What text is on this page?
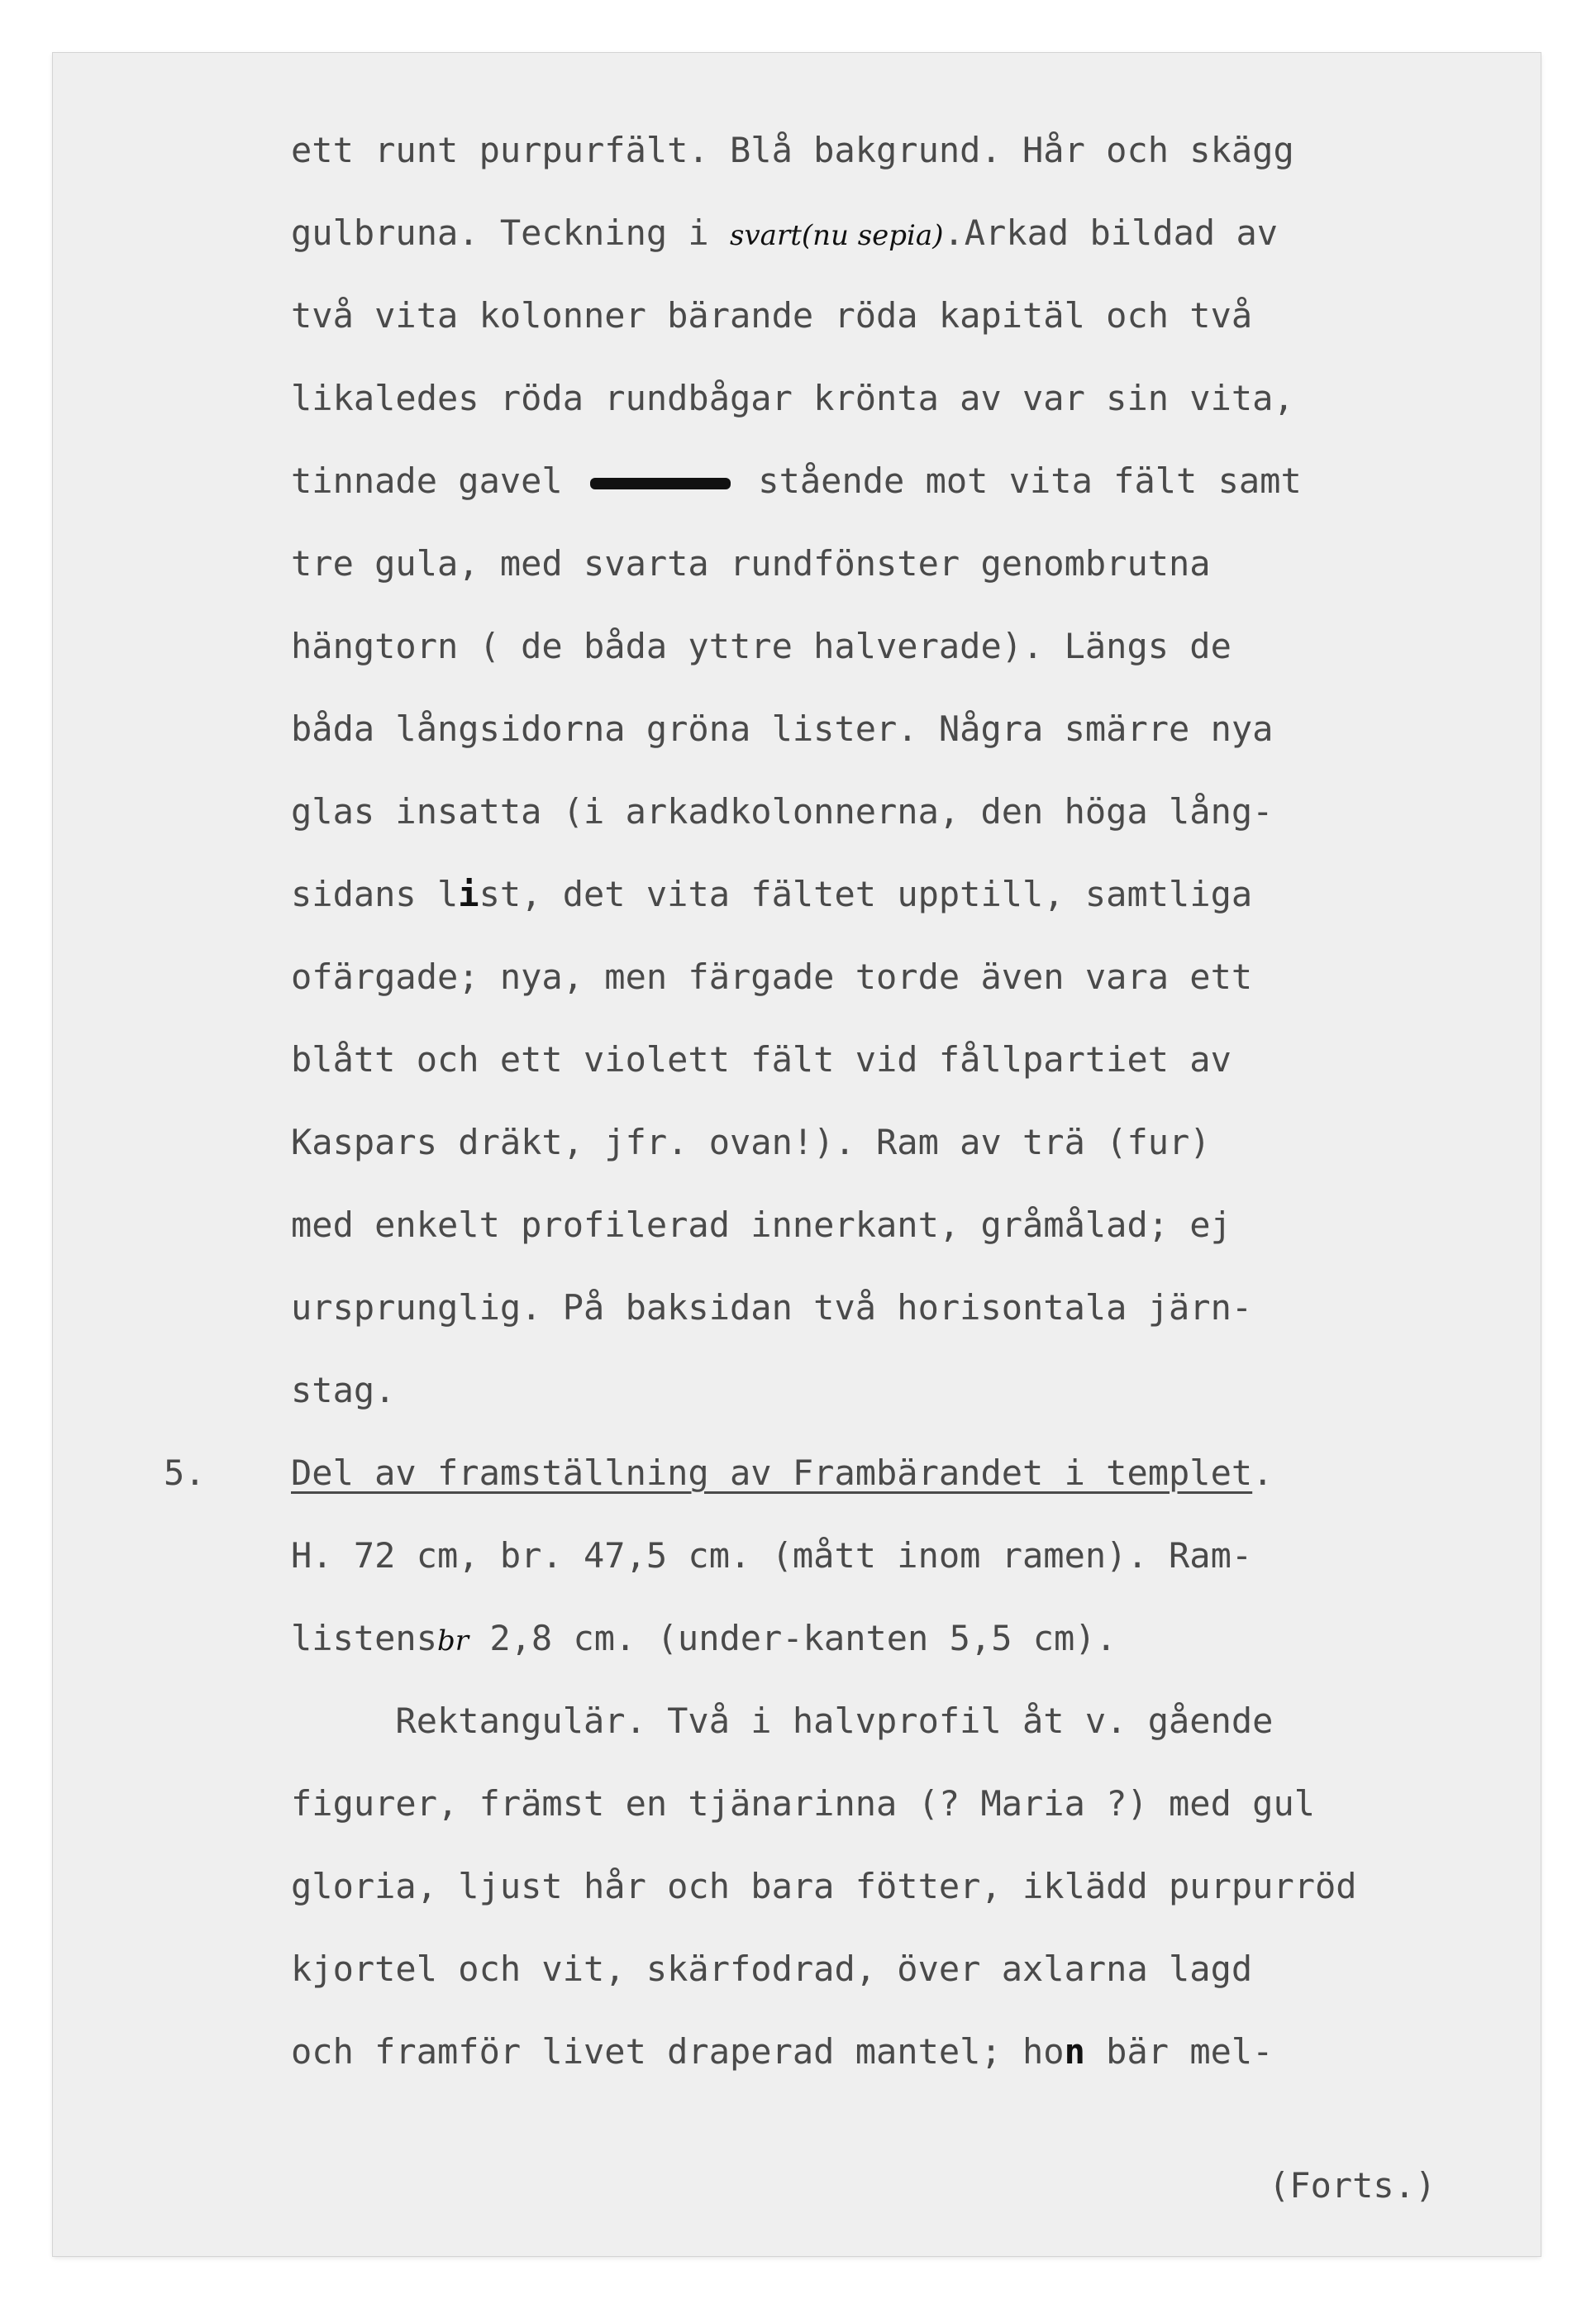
ett runt purpurfält. Blå bakgrund. Hår och skägg
gulbruna. Teckning i svart(nu sepia).Arkad bildad av
två vita kolonner bärande röda kapitäl och två
likaledes röda rundbågar krönta av var sin vita,
tinnade gavel	stående mot vita fält samt
tre gula, med svarta rundfönster genombrutna
hängtorn ( de båda yttre halverade). Längs de
båda långsidorna gröna lister. Några smärre nya
glas insatta (i arkadkolonnerna, den höga lång-
sidans list, det vita fältet upptill, samtliga
ofärgade; nya, men färgade torde även vara ett
blått och ett violett fält vid fållpartiet av
Kaspars dräkt, jfr. ovan!). Ram av trä (fur)
med enkelt profilerad innerkant, gråmålad; ej
ursprunglig. På baksidan två horisontala järn-
stag.
5. Del av framställning av Frambärandet i templet.
H. 72 cm, br. 47,5 cm. (mått inom ramen). Ram-
listensbr 2,8 cm. (under-kanten 5,5 cm).
Rektangulär. Två i halvprofil åt v. gående
figurer, främst en tjänarinna (? Maria ?) med gul
gloria, ljust hår och bara fötter, iklädd purpurröd
kjortel och vit, skärfodrad, över axlarna lagd
och framför livet draperad mantel; hon bär mel-
(Forts.)
